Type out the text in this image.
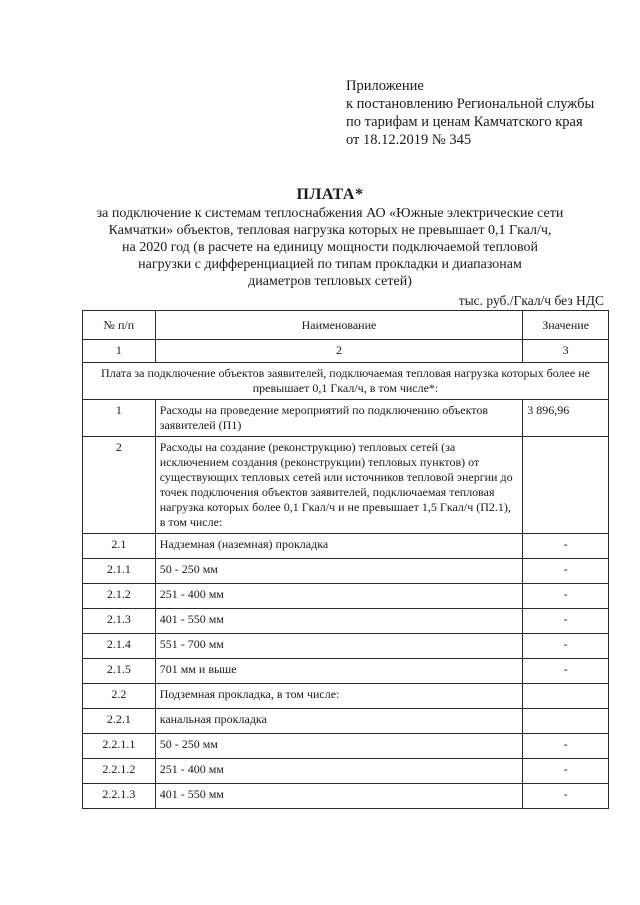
Приложение
к постановлению Региональной службы
по тарифам и ценам Камчатского края
от 18.12.2019 № 345
ПЛАТА*
за подключение к системам теплоснабжения АО «Южные электрические сети
Камчатки» объектов, тепловая нагрузка которых не превышает 0,1 Гкал/ч,
на 2020 год (в расчете на единицу мощности подключаемой тепловой
нагрузки с дифференциацией по типам прокладки и диапазонам
диаметров тепловых сетей)
тыс. руб./Гкал/ч без НДС
№ п/п	Наименование	Значение
1	2	3
Плата за подключение объектов заявителей, подключаемая тепловая нагрузка которых более не превышает 0,1 Гкал/ч, в том числе*:		
1	Расходы на проведение мероприятий по подключению объектов заявителей (П1)	3 896,96
2	Расходы на создание (реконструкцию) тепловых сетей (за исключением создания (реконструкции) тепловых пунктов) от существующих тепловых сетей или источников тепловой энергии до точек подключения объектов заявителей, подключаемая тепловая нагрузка которых более 0,1 Гкал/ч и не превышает 1,5 Гкал/ч (П2.1), в том числе:	
2.1	Надземная (наземная) прокладка	-
2.1.1	50 - 250 мм	-
2.1.2	251 - 400 мм	-
2.1.3	401 - 550 мм	-
2.1.4	551 - 700 мм	-
2.1.5	701 мм и выше	-
2.2	Подземная прокладка, в том числе:	
2.2.1	канальная прокладка	
2.2.1.1	50 - 250 мм	-
2.2.1.2	251 - 400 мм	-
2.2.1.3	401 - 550 мм	-
